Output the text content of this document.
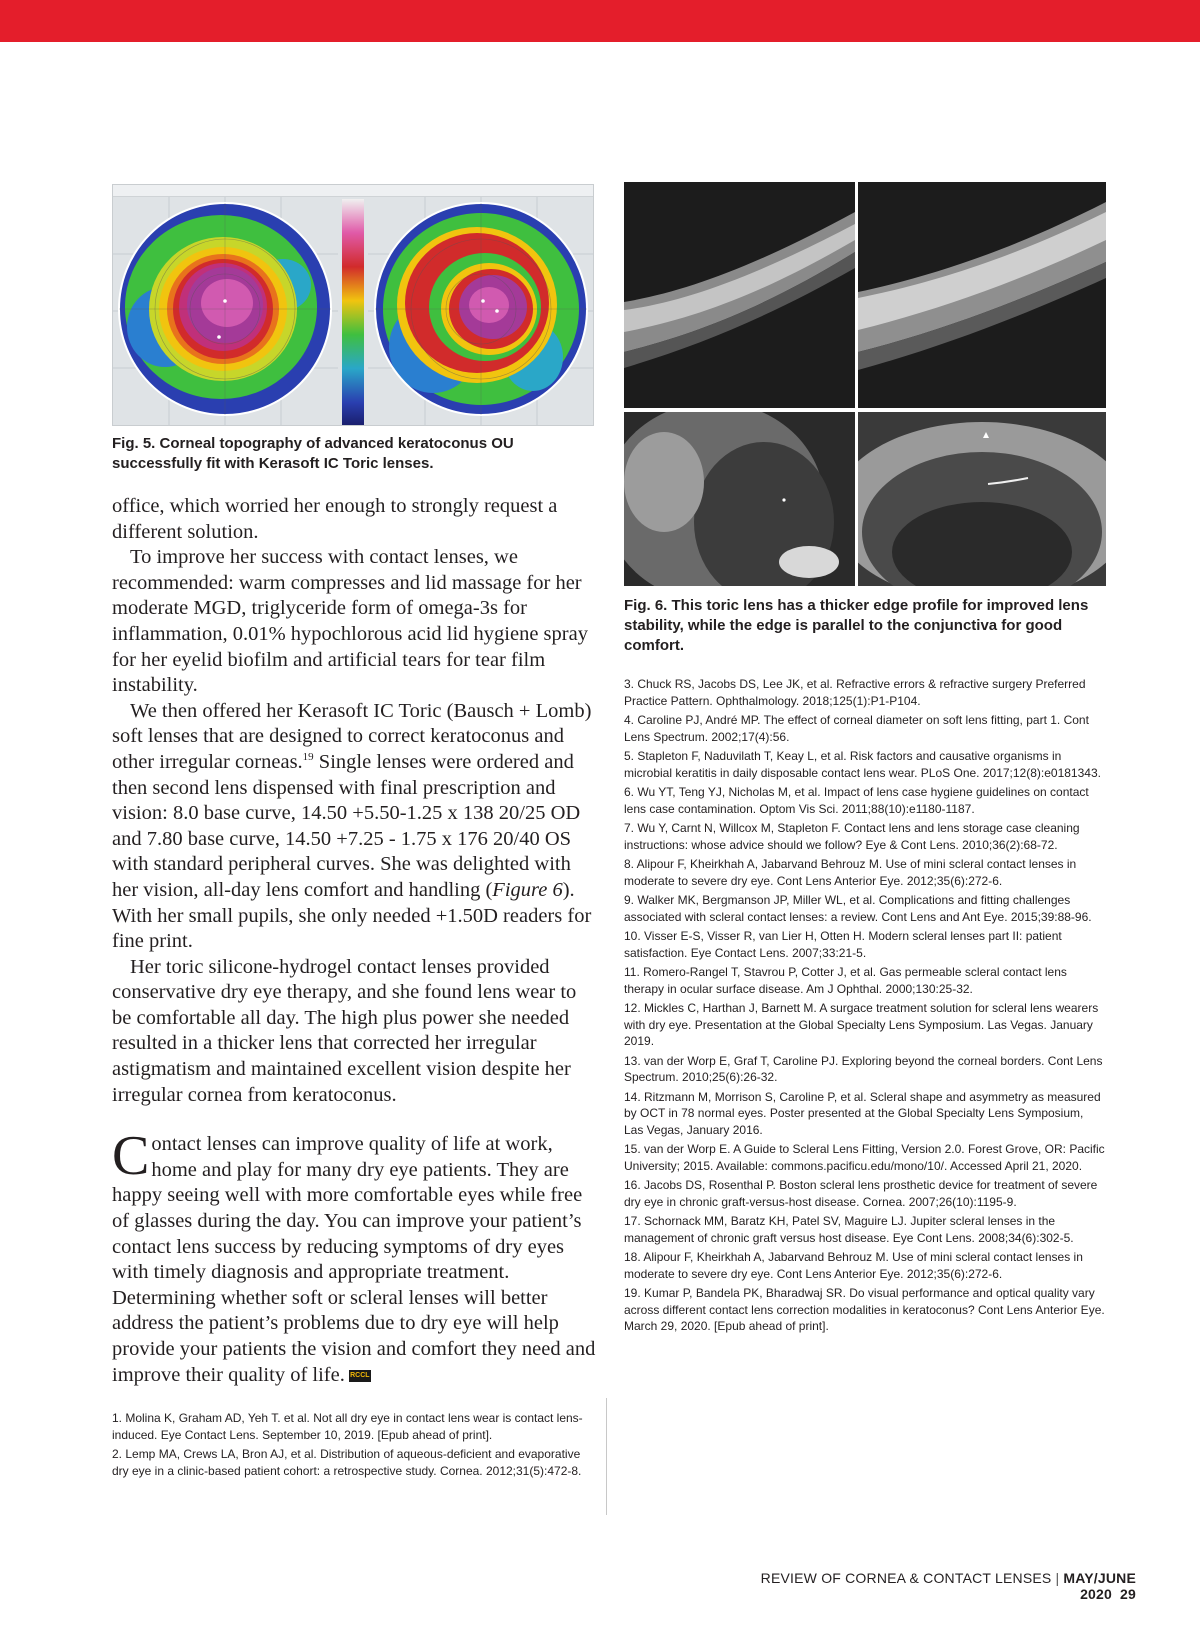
Fig. 5. Corneal topography of advanced keratoconus OU successfully fit with Kerasoft IC Toric lenses.

office, which worried her enough to strongly request a different solution.

To improve her success with contact lenses, we recommended: warm compresses and lid massage for her moderate MGD, triglyceride form of omega-3s for inflammation, 0.01% hypochlorous acid lid hygiene spray for her eyelid biofilm and artificial tears for tear film instability.

We then offered her Kerasoft IC Toric (Bausch + Lomb) soft lenses that are designed to correct keratoconus and other irregular corneas.$^{19}$ Single lenses were ordered and then second lens dispensed with final prescription and vision: 8.0 base curve, 14.50 +5.50-1.25 x 138 20/25 OD and 7.80 base curve, 14.50 +7.25 - 1.75 x 176 20/40 OS with standard peripheral curves. She was delighted with her vision, all-day lens comfort and handling (Figure 6). With her small pupils, she only needed +1.50D readers for fine print.

Her toric silicone-hydrogel contact lenses provided conservative dry eye therapy, and she found lens wear to be comfortable all day. The high plus power she needed resulted in a thicker lens that corrected her irregular astigmatism and maintained excellent vision despite her irregular cornea from keratoconus.

Contact lenses can improve quality of life at work, home and play for many dry eye patients. They are happy seeing well with more comfortable eyes while free of glasses during the day. You can improve your patient’s contact lens success by reducing symptoms of dry eyes with timely diagnosis and appropriate treatment. Determining whether soft or scleral lenses will better address the patient’s problems due to dry eye will help provide your patients the vision and comfort they need and improve their quality of life. RCCL
1. Molina K, Graham AD, Yeh T. et al. Not all dry eye in contact lens wear is contact lens-induced. Eye Contact Lens. September 10, 2019. [Epub ahead of print].
2. Lemp MA, Crews LA, Bron AJ, et al. Distribution of aqueous-deficient and evaporative dry eye in a clinic-based patient cohort: a retrospective study. Cornea. 2012;31(5):472-8.
Fig. 6. This toric lens has a thicker edge profile for improved lens stability, while the edge is parallel to the conjunctiva for good comfort.
3. Chuck RS, Jacobs DS, Lee JK, et al. Refractive errors & refractive surgery Preferred Practice Pattern. Ophthalmology. 2018;125(1):P1-P104.
4. Caroline PJ, André MP. The effect of corneal diameter on soft lens fitting, part 1. Cont Lens Spectrum. 2002;17(4):56.
5. Stapleton F, Naduvilath T, Keay L, et al. Risk factors and causative organisms in microbial keratitis in daily disposable contact lens wear. PLoS One. 2017;12(8):e0181343.
6. Wu YT, Teng YJ, Nicholas M, et al. Impact of lens case hygiene guidelines on contact lens case contamination. Optom Vis Sci. 2011;88(10):e1180-1187.
7. Wu Y, Carnt N, Willcox M, Stapleton F. Contact lens and lens storage case cleaning instructions: whose advice should we follow? Eye & Cont Lens. 2010;36(2):68-72.
8. Alipour F, Kheirkhah A, Jabarvand Behrouz M. Use of mini scleral contact lenses in moderate to severe dry eye. Cont Lens Anterior Eye. 2012;35(6):272-6.
9. Walker MK, Bergmanson JP, Miller WL, et al. Complications and fitting challenges associated with scleral contact lenses: a review. Cont Lens and Ant Eye. 2015;39:88-96.
10. Visser E-S, Visser R, van Lier H, Otten H. Modern scleral lenses part II: patient satisfaction. Eye Contact Lens. 2007;33:21-5.
11. Romero-Rangel T, Stavrou P, Cotter J, et al. Gas permeable scleral contact lens therapy in ocular surface disease. Am J Ophthal. 2000;130:25-32.
12. Mickles C, Harthan J, Barnett M. A surgace treatment solution for scleral lens wearers with dry eye. Presentation at the Global Specialty Lens Symposium. Las Vegas. January 2019.
13. van der Worp E, Graf T, Caroline PJ. Exploring beyond the corneal borders. Cont Lens Spectrum. 2010;25(6):26-32.
14. Ritzmann M, Morrison S, Caroline P, et al. Scleral shape and asymmetry as measured by OCT in 78 normal eyes. Poster presented at the Global Specialty Lens Symposium, Las Vegas, January 2016.
15. van der Worp E. A Guide to Scleral Lens Fitting, Version 2.0. Forest Grove, OR: Pacific University; 2015. Available: commons.pacificu.edu/mono/10/. Accessed April 21, 2020.
16. Jacobs DS, Rosenthal P. Boston scleral lens prosthetic device for treatment of severe dry eye in chronic graft-versus-host disease. Cornea. 2007;26(10):1195-9.
17. Schornack MM, Baratz KH, Patel SV, Maguire LJ. Jupiter scleral lenses in the management of chronic graft versus host disease. Eye Cont Lens. 2008;34(6):302-5.
18. Alipour F, Kheirkhah A, Jabarvand Behrouz M. Use of mini scleral contact lenses in moderate to severe dry eye. Cont Lens Anterior Eye. 2012;35(6):272-6.
19. Kumar P, Bandela PK, Bharadwaj SR. Do visual performance and optical quality vary across different contact lens correction modalities in keratoconus? Cont Lens Anterior Eye. March 29, 2020. [Epub ahead of print].
REVIEW OF CORNEA & CONTACT LENSES | MAY/JUNE 2020 29
